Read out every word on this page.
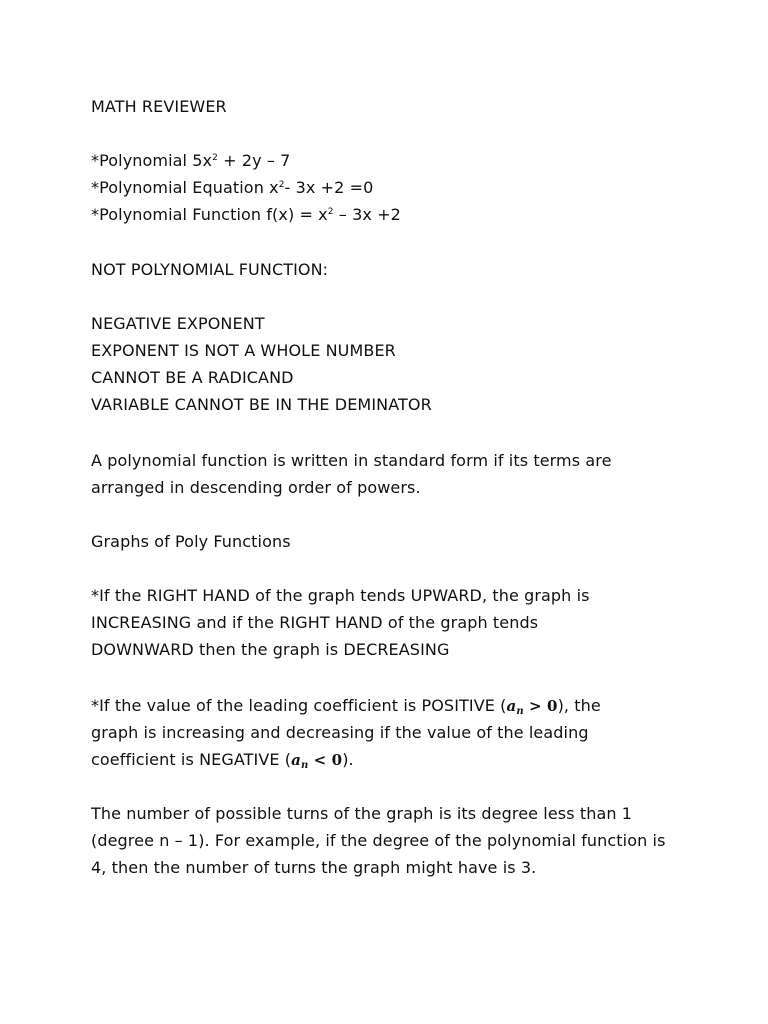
MATH REVIEWER
*Polynomial $5x^2 + 2y - 7$
*Polynomial Equation $x^2-$ 3x +2 =0
*Polynomial Function $f(x) = x^2 - 3x +2$
NOT POLYNOMIAL FUNCTION:
NEGATIVE EXPONENT
EXPONENT IS NOT A WHOLE NUMBER
CANNOT BE A RADICAND
VARIABLE CANNOT BE IN THE DEMINATOR
A polynomial function is written in standard form if its terms are
arranged in descending order of powers.
Graphs of Poly Functions
*If the RIGHT HAND of the graph tends UPWARD, the graph is
INCREASING and if the RIGHT HAND of the graph tends
DOWNWARD then the graph is DECREASING
*If the value of the leading coefficient is POSITIVE $(a_n > 0)$, the
graph is increasing and decreasing if the value of the leading
coefficient is NEGATIVE $(a_n < 0)$.
The number of possible turns of the graph is its degree less than 1
(degree n – 1). For example, if the degree of the polynomial function is
4, then the number of turns the graph might have is 3.
